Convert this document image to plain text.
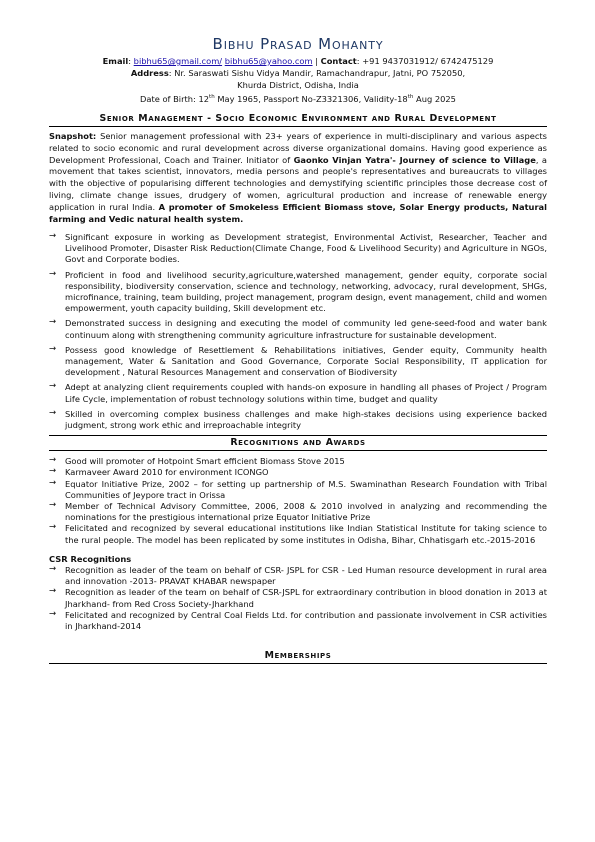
Bibhu Prasad Mohanty
Email: bibhu65@gmail.com/ bibhu65@yahoo.com | Contact: +91 9437031912/ 6742475129
Address: Nr. Saraswati Sishu Vidya Mandir, Ramachandrapur, Jatni, PO 752050,
Khurda District, Odisha, India
Date of Birth: 12th May 1965, Passport No-Z3321306, Validity-18th Aug 2025
Senior Management - Socio Economic Environment and Rural Development

Snapshot: Senior management professional with 23+ years of experience in multi-disciplinary and various aspects related to socio economic and rural development across diverse organizational domains. Having good experience as Development Professional, Coach and Trainer. Initiator of Gaonko Vinjan Yatra'- Journey of science to Village, a movement that takes scientist, innovators, media persons and people's representatives and bureaucrats to villages with the objective of popularising different technologies and demystifying scientific principles those decrease cost of living, climate change issues, drudgery of women, agricultural production and increase of renewable energy application in rural India. A promoter of Smokeless Efficient Biomass stove, Solar Energy products, Natural farming and Vedic natural health system.

→ Significant exposure in working as Development strategist, Environmental Activist, Researcher, Teacher and Livelihood Promoter, Disaster Risk Reduction(Climate Change, Food & Livelihood Security) and Agriculture in NGOs, Govt and Corporate bodies.
→ Proficient in food and livelihood security,agriculture,watershed management, gender equity, corporate social responsibility, biodiversity conservation, science and technology, networking, advocacy, rural development, SHGs, microfinance, training, team building, project management, program design, event management, child and women empowerment, youth capacity building, Skill development etc.
→ Demonstrated success in designing and executing the model of community led gene-seed-food and water bank continuum along with strengthening community agriculture infrastructure for sustainable development.
→ Possess good knowledge of Resettlement & Rehabilitations initiatives, Gender equity, Community health management, Water & Sanitation and Good Governance, Corporate Social Responsibility, IT application for development , Natural Resources Management and conservation of Biodiversity
→ Adept at analyzing client requirements coupled with hands-on exposure in handling all phases of Project / Program Life Cycle, implementation of robust technology solutions within time, budget and quality
→ Skilled in overcoming complex business challenges and make high-stakes decisions using experience backed judgment, strong work ethic and irreproachable integrity
Recognitions and Awards
→ Good will promoter of Hotpoint Smart efficient Biomass Stove 2015
→ Karmaveer Award 2010 for environment ICONGO
→ Equator Initiative Prize, 2002 – for setting up partnership of M.S. Swaminathan Research Foundation with Tribal Communities of Jeypore tract in Orissa
→ Member of Technical Advisory Committee, 2006, 2008 & 2010 involved in analyzing and recommending the nominations for the prestigious international prize Equator Initiative Prize
→ Felicitated and recognized by several educational institutions like Indian Statistical Institute for taking science to the rural people. The model has been replicated by some institutes in Odisha, Bihar, Chhatisgarh etc.-2015-2016
CSR Recognitions
→ Recognition as leader of the team on behalf of CSR- JSPL for CSR - Led Human resource development in rural area and innovation -2013- PRAVAT KHABAR newspaper
→ Recognition as leader of the team on behalf of CSR-JSPL for extraordinary contribution in blood donation in 2013 at Jharkhand- from Red Cross Society-Jharkhand
→ Felicitated and recognized by Central Coal Fields Ltd. for contribution and passionate involvement in CSR activities in Jharkhand-2014
Memberships
